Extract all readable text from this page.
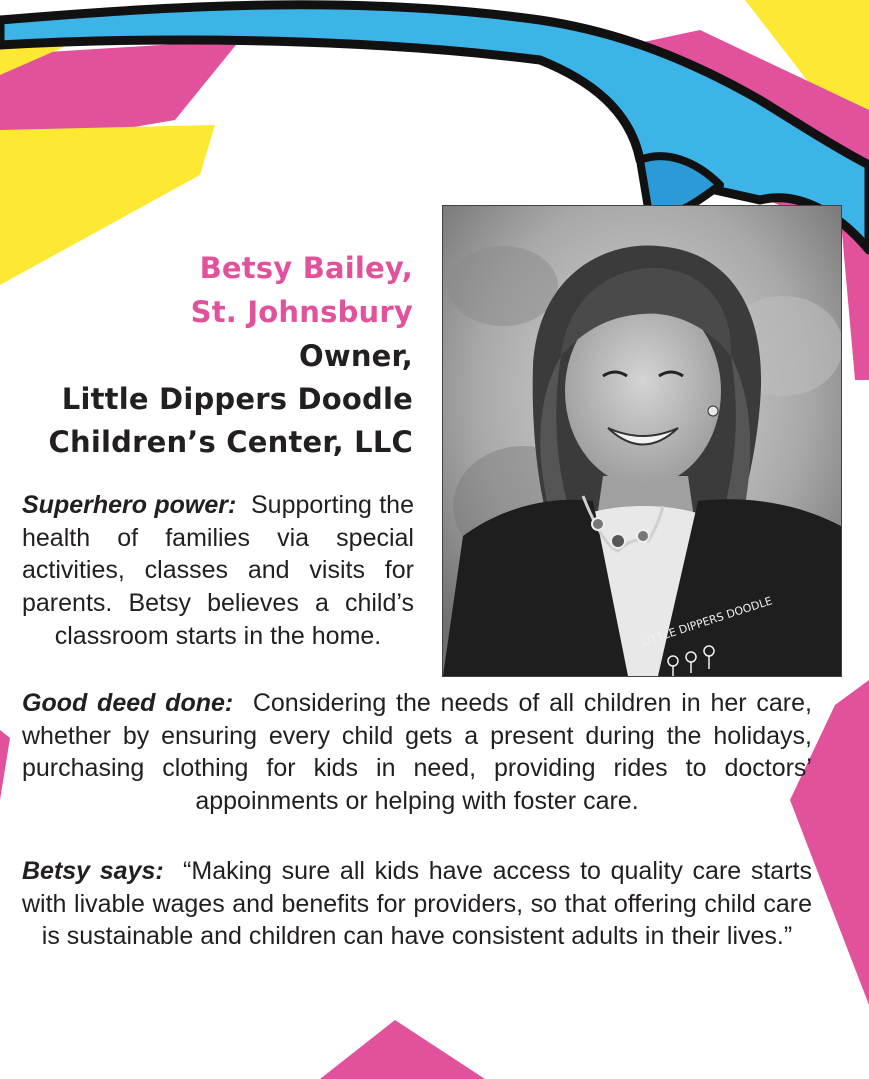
Betsy Bailey,
St. Johnsbury
Owner,
Little Dippers Doodle
Children’s Center, LLC
LITTLE DIPPERS DOODLE

Superhero power: Supporting the health of families via special activities, classes and visits for parents. Betsy believes a child’s classroom starts in the home.

Good deed done: Considering the needs of all children in her care, whether by ensuring every child gets a present during the holidays, purchasing clothing for kids in need, providing rides to doctors’ appoinments or helping with foster care.

Betsy says: “Making sure all kids have access to quality care starts with livable wages and benefits for providers, so that offering child care is sustainable and children can have consistent adults in their lives.”
